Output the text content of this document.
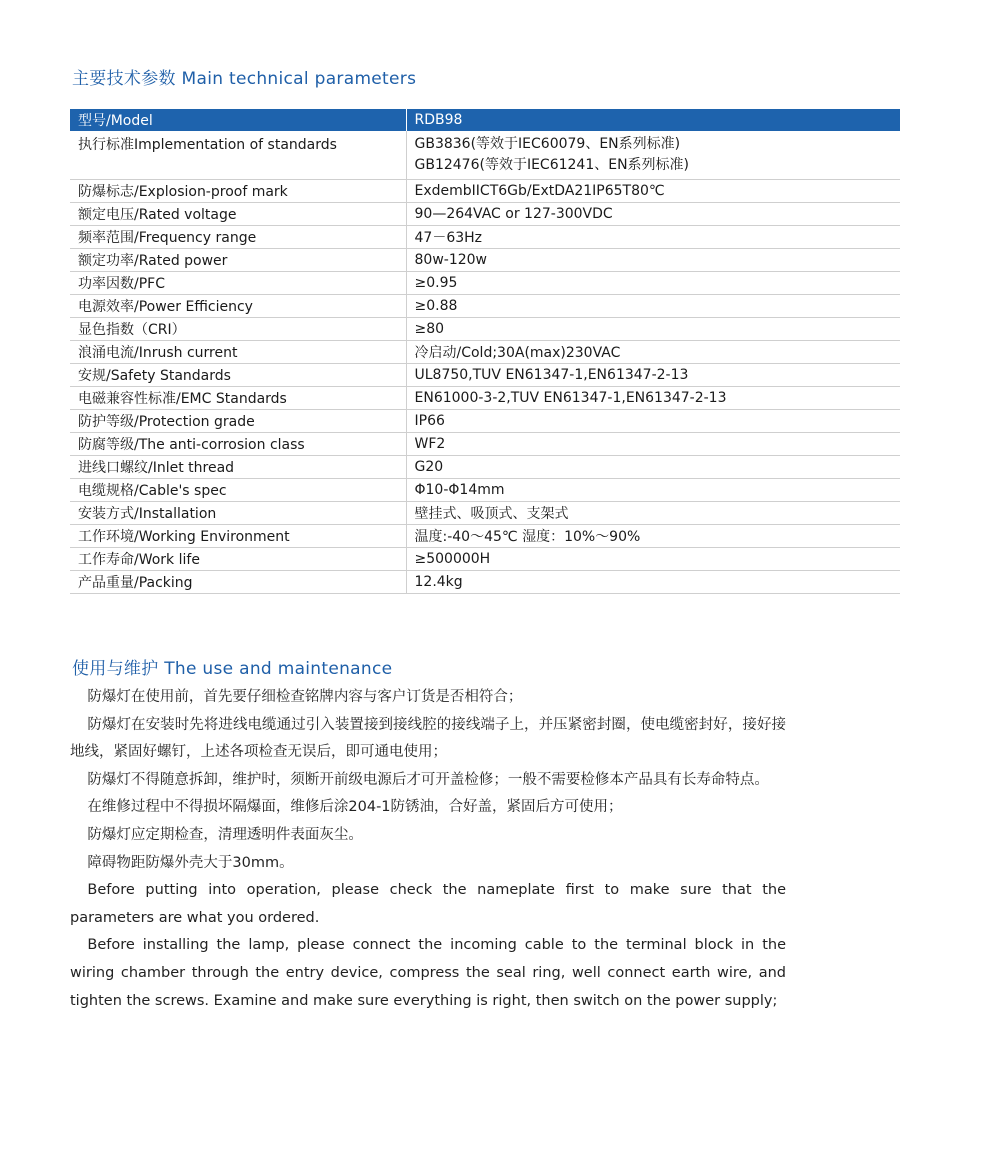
主要技术参数 Main technical parameters
型号/Model	RDB98
执行标准Implementation of standards	GB3836(等效于IEC60079、EN系列标准)
GB12476(等效于IEC61241、EN系列标准)

防爆标志/Explosion-proof mark	ExdembIICT6Gb/ExtDA21IP65T80℃
额定电压/Rated voltage	90—264VAC or 127-300VDC
频率范围/Frequency range	47－63Hz
额定功率/Rated power	80w-120w
功率因数/PFC	≥0.95
电源效率/Power Efficiency	≥0.88
显色指数（CRI）	≥80
浪涌电流/Inrush current	冷启动/Cold;30A(max)230VAC
安规/Safety Standards	UL8750,TUV EN61347-1,EN61347-2-13
电磁兼容性标准/EMC Standards	EN61000-3-2,TUV EN61347-1,EN61347-2-13
防护等级/Protection grade	IP66
防腐等级/The anti-corrosion class	WF2
进线口螺纹/Inlet thread	G20
电缆规格/Cable's spec	Φ10-Φ14mm
安装方式/Installation	壁挂式、吸顶式、支架式
工作环境/Working Environment	温度:-40～45℃ 湿度：10%～90%
工作寿命/Work life	≥500000H
产品重量/Packing	12.4kg
使用与维护 The use and maintenance

防爆灯在使用前，首先要仔细检查铭牌内容与客户订货是否相符合；

防爆灯在安装时先将进线电缆通过引入装置接到接线腔的接线端子上，并压紧密封圈，使电缆密封好，接好接地线，紧固好螺钉，上述各项检查无误后，即可通电使用；

防爆灯不得随意拆卸，维护时，须断开前级电源后才可开盖检修；一般不需要检修本产品具有长寿命特点。

在维修过程中不得损坏隔爆面，维修后涂204-1防锈油，合好盖，紧固后方可使用；

防爆灯应定期检查，清理透明件表面灰尘。

障碍物距防爆外壳大于30mm。

Before putting into operation, please check the nameplate first to make sure that the parameters are what you ordered.

Before installing the lamp, please connect the incoming cable to the terminal block in the wiring chamber through the entry device, compress the seal ring, well connect earth wire, and tighten the screws. Examine and make sure everything is right, then switch on the power supply;
